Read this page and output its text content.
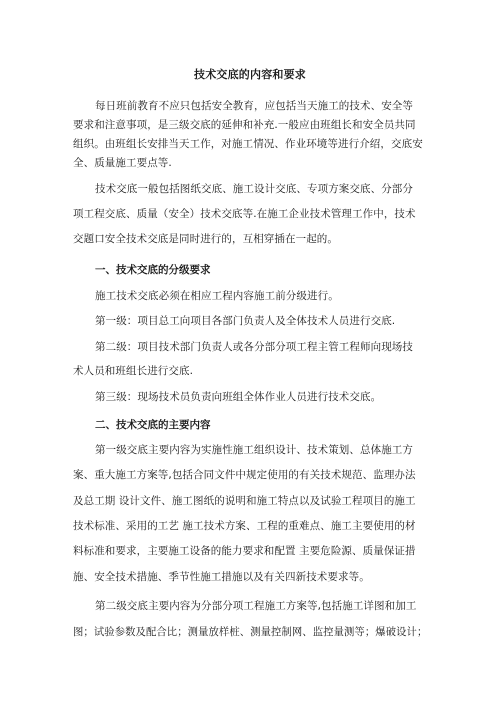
技术交底的内容和要求
每日班前教育不应只包括安全教育，应包括当天施工的技术、安全等
要求和注意事项，是三级交底的延伸和补充.一般应由班组长和安全员共同
组织。由班组长安排当天工作，对施工情况、作业环境等进行介绍，交底安
全、质量施工要点等.
技术交底一般包括图纸交底、施工设计交底、专项方案交底、分部分
项工程交底、质量（安全）技术交底等.在施工企业技术管理工作中，技术
交题口安全技术交底是同时进行的，互相穿插在一起的。
一、技术交底的分级要求
施工技术交底必须在相应工程内容施工前分级进行。
第一级：项目总工向项目各部门负责人及全体技术人员进行交底.
第二级：项目技术部门负责人或各分部分项工程主管工程师向现场技
术人员和班组长进行交底.
第三级：现场技术员负责向班组全体作业人员进行技术交底。
二、技术交底的主要内容
第一级交底主要内容为实施性施工组织设计、技术策划、总体施工方
案、重大施工方案等,包括合同文件中规定使用的有关技术规范、监理办法
及总工期 设计文件、施工图纸的说明和施工特点以及试验工程项目的施工
技术标准、采用的工艺 施工技术方案、工程的重难点、施工主要使用的材
料标准和要求，主要施工设备的能力要求和配置 主要危险源、质量保证措
施、安全技术措施、季节性施工措施以及有关四新技术要求等。
第二级交底主要内容为分部分项工程施工方案等,包括施工详图和加工
图；试验参数及配合比；测量放样桩、测量控制网、监控量测等；爆破设计；
